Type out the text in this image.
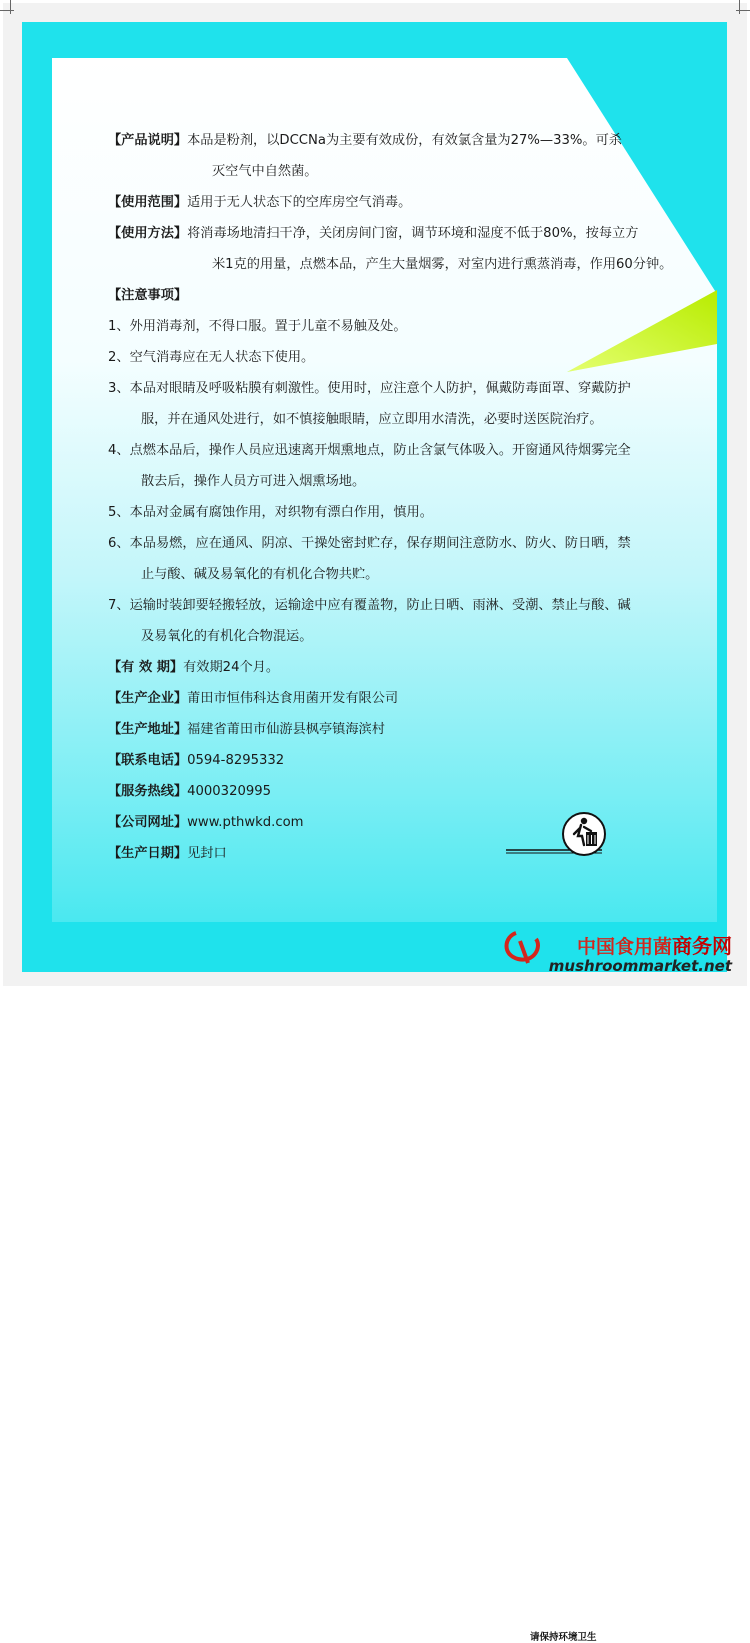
【产品说明】本品是粉剂，以DCCNa为主要有效成份，有效氯含量为27%—33%。可杀
灭空气中自然菌。
【使用范围】适用于无人状态下的空库房空气消毒。
【使用方法】将消毒场地清扫干净，关闭房间门窗，调节环境和湿度不低于80%，按每立方
米1克的用量，点燃本品，产生大量烟雾，对室内进行熏蒸消毒，作用60分钟。
【注意事项】
1、外用消毒剂，不得口服。置于儿童不易触及处。
2、空气消毒应在无人状态下使用。
3、本品对眼睛及呼吸粘膜有刺激性。使用时，应注意个人防护，佩戴防毒面罩、穿戴防护
服，并在通风处进行，如不慎接触眼睛，应立即用水清洗，必要时送医院治疗。
4、点燃本品后，操作人员应迅速离开烟熏地点，防止含氯气体吸入。开窗通风待烟雾完全
散去后，操作人员方可进入烟熏场地。
5、本品对金属有腐蚀作用，对织物有漂白作用，慎用。
6、本品易燃，应在通风、阴凉、干操处密封贮存，保存期间注意防水、防火、防日晒，禁
止与酸、碱及易氧化的有机化合物共贮。
7、运输时装卸要轻搬轻放，运输途中应有覆盖物，防止日晒、雨淋、受潮、禁止与酸、碱
及易氧化的有机化合物混运。
【有 效 期】有效期24个月。
【生产企业】莆田市恒伟科达食用菌开发有限公司
【生产地址】福建省莆田市仙游县枫亭镇海滨村
【联系电话】0594-8295332
【服务热线】4000320995
【公司网址】www.pthwkd.com
【生产日期】见封口
请保持环境卫生
中国食用菌商务网
mushroommarket.net
